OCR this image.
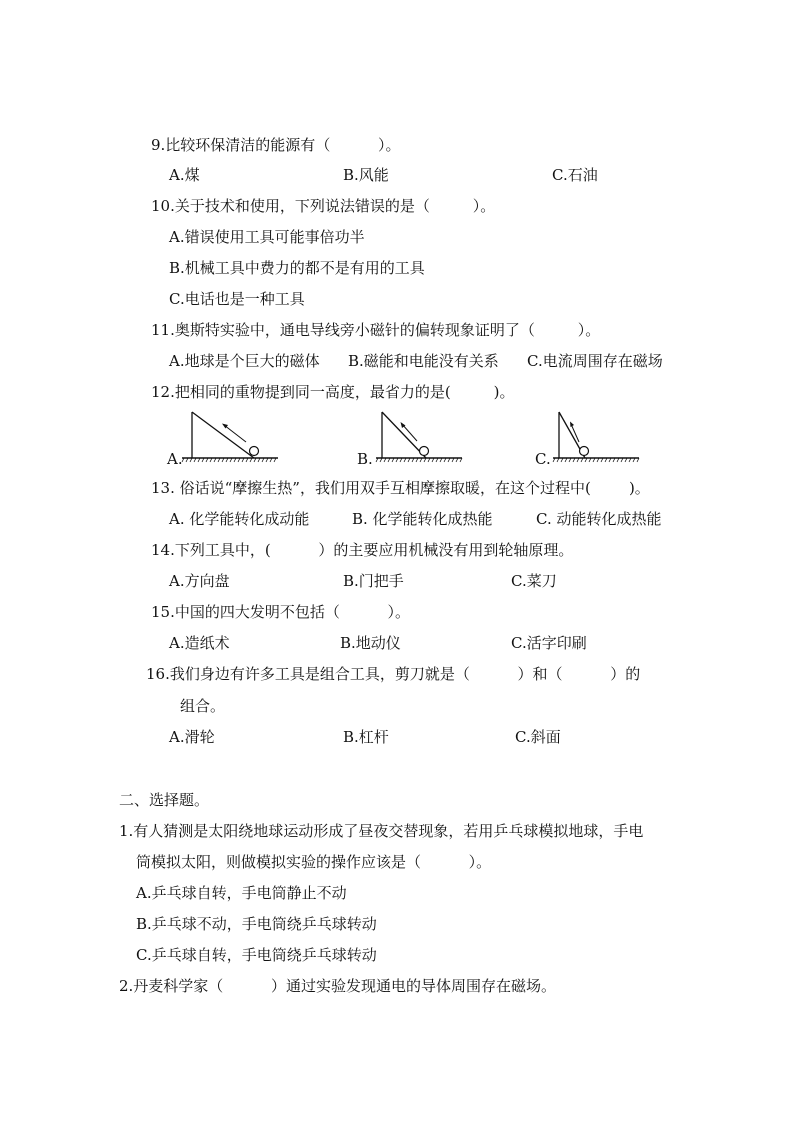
9.比较环保清洁的能源有（          ）。
A.煤	B.风能	C.石油
10.关于技术和使用，下列说法错误的是（         ）。
A.错误使用工具可能事倍功半
B.机械工具中费力的都不是有用的工具
C.电话也是一种工具
11.奥斯特实验中，通电导线旁小磁针的偏转现象证明了（         ）。
A.地球是个巨大的磁体 B.磁能和电能没有关系 C.电流周围存在磁场
12.把相同的重物提到同一高度，最省力的是(         )。
A.	B.	C.
13. 俗话说“摩擦生热”，我们用双手互相摩擦取暖，在这个过程中(        )。
A. 化学能转化成动能	B. 化学能转化成热能	C. 动能转化成热能
14.下列工具中，(          ）的主要应用机械没有用到轮轴原理。
A.方向盘	B.门把手	C.菜刀
15.中国的四大发明不包括（          ）。
A.造纸术	B.地动仪	C.活字印刷
16.我们身边有许多工具是组合工具，剪刀就是（          ）和（          ）的
组合。
A.滑轮	B.杠杆	C.斜面
二、选择题。
1.有人猜测是太阳绕地球运动形成了昼夜交替现象，若用乒乓球模拟地球，手电
筒模拟太阳，则做模拟实验的操作应该是（          ）。
A.乒乓球自转，手电筒静止不动
B.乒乓球不动，手电筒绕乒乓球转动
C.乒乓球自转，手电筒绕乒乓球转动
2.丹麦科学家（          ）通过实验发现通电的导体周围存在磁场。
